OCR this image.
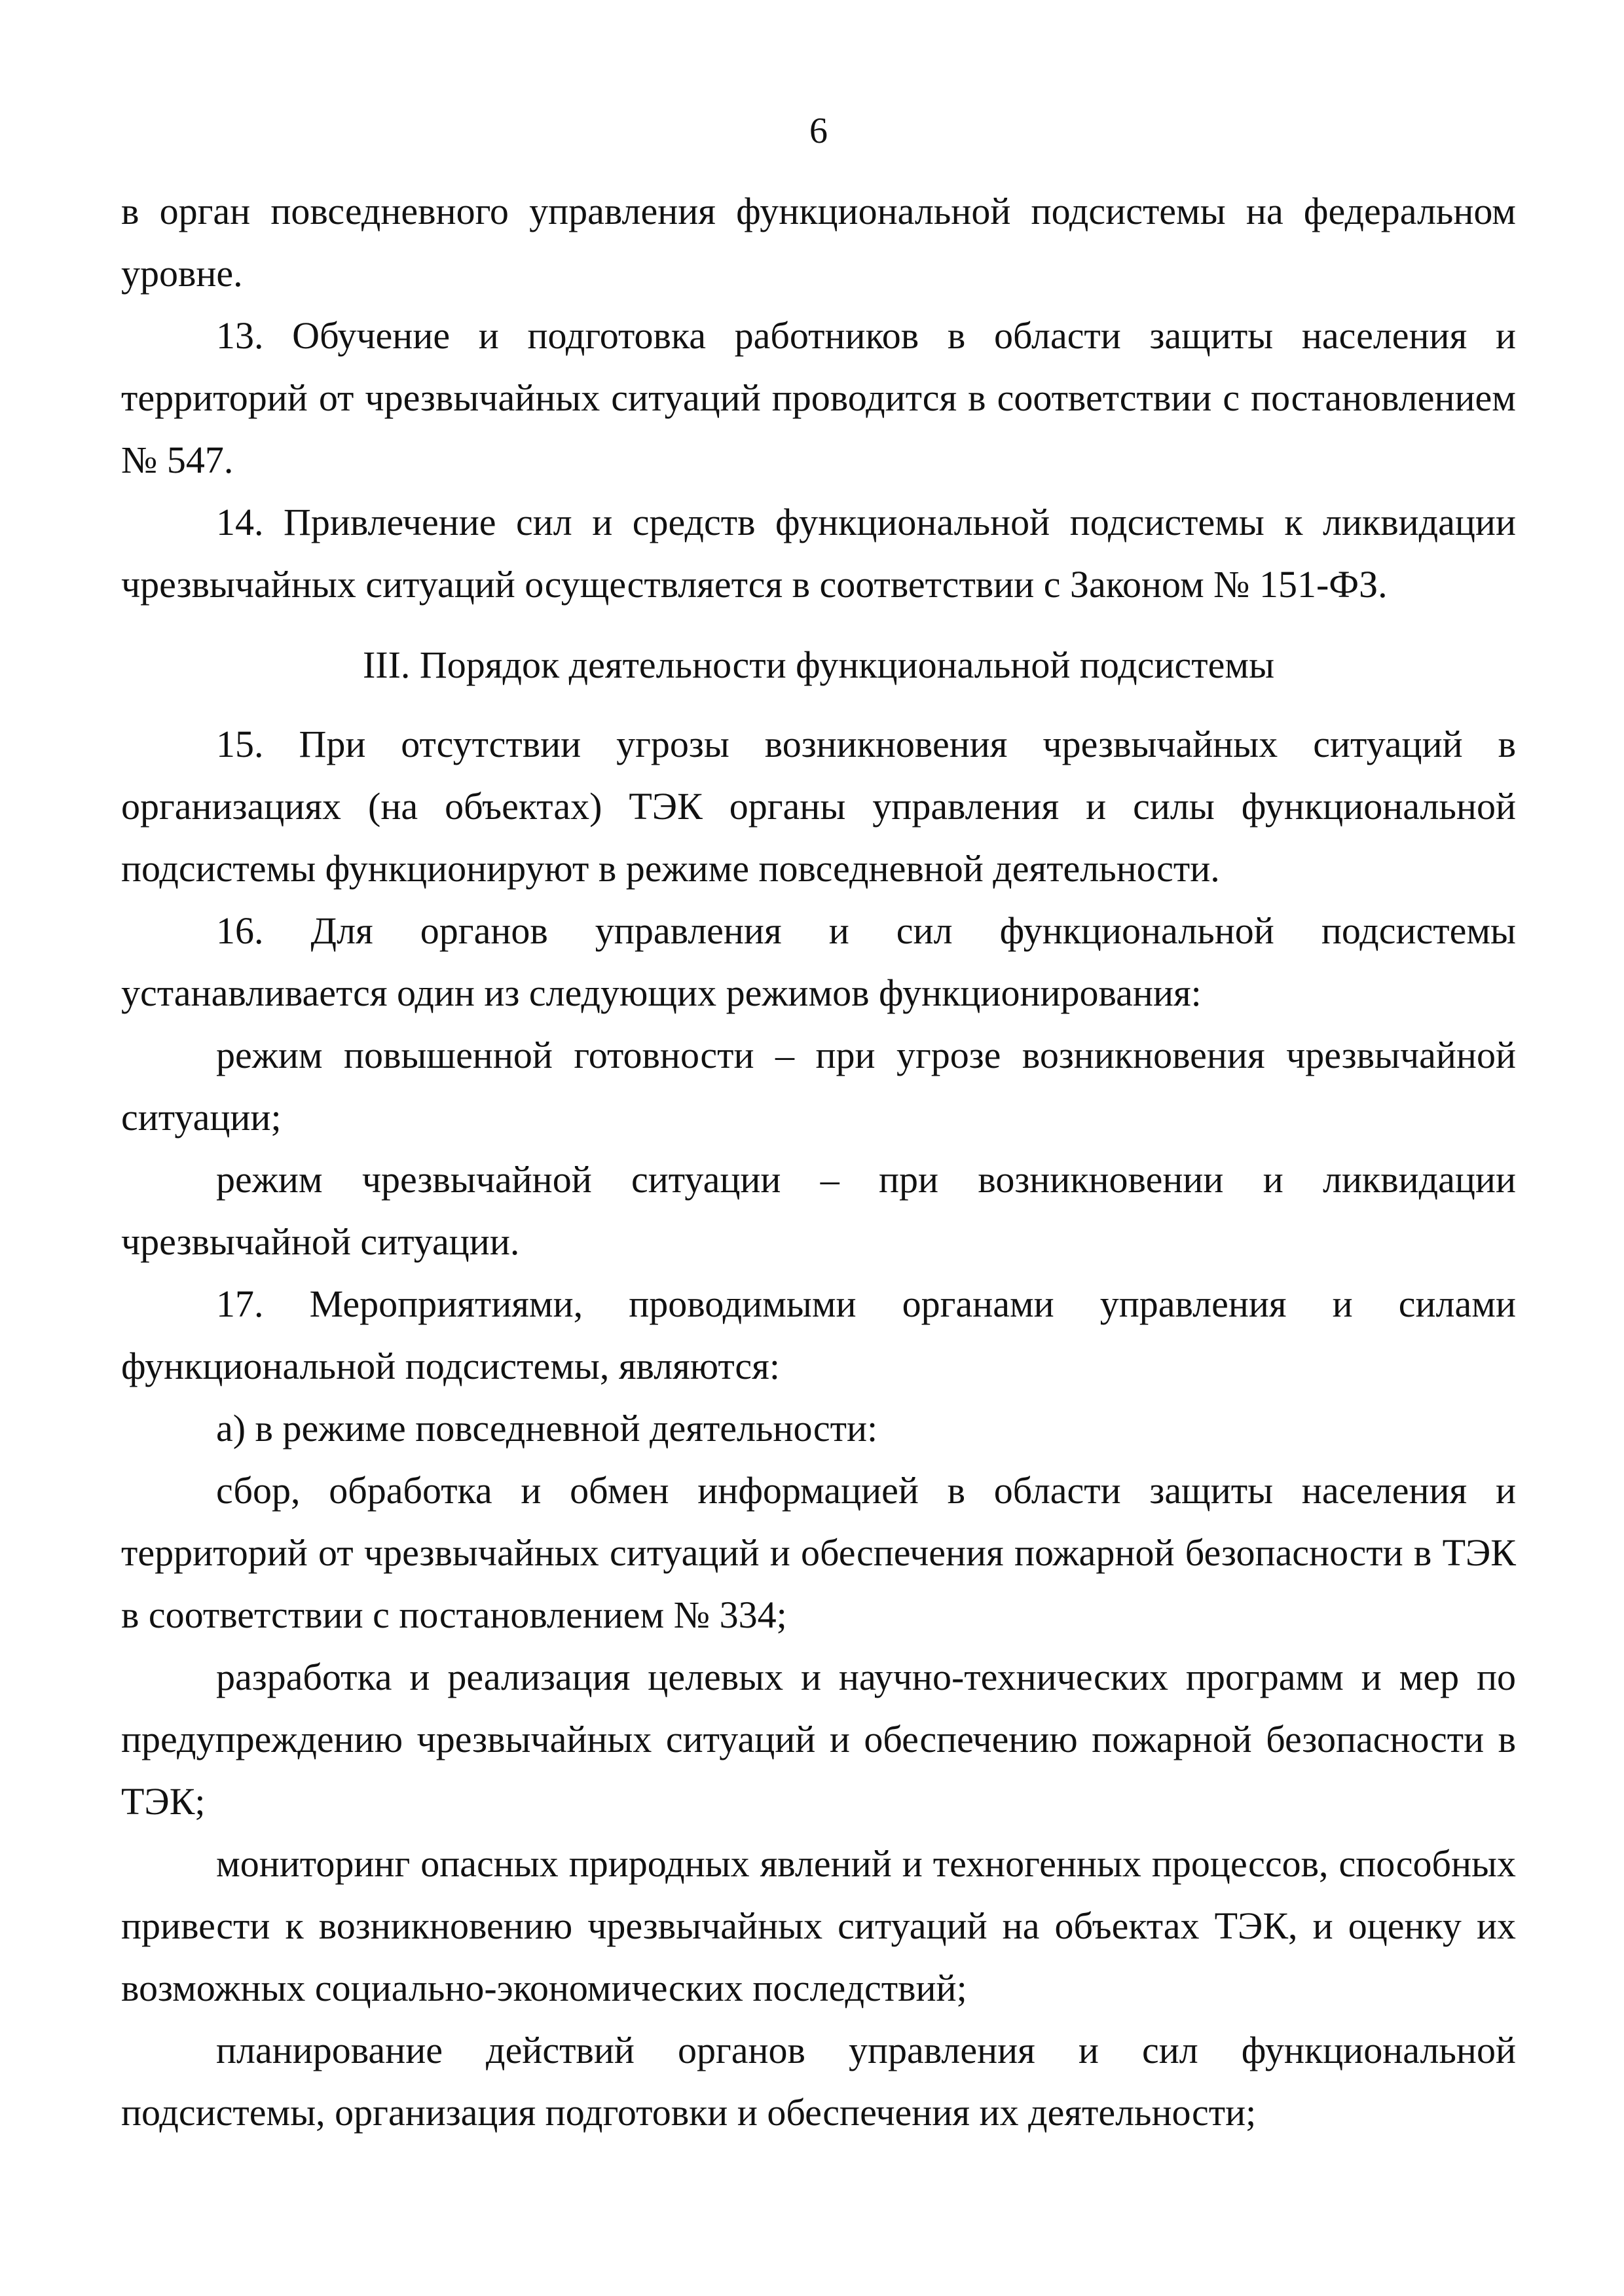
6

в орган повседневного управления функциональной подсистемы на федеральном уровне.

13. Обучение и подготовка работников в области защиты населения и территорий от чрезвычайных ситуаций проводится в соответствии с постановлением № 547.

14. Привлечение сил и средств функциональной подсистемы к ликвидации чрезвычайных ситуаций осуществляется в соответствии с Законом № 151-ФЗ.

III. Порядок деятельности функциональной подсистемы

15. При отсутствии угрозы возникновения чрезвычайных ситуаций в организациях (на объектах) ТЭК органы управления и силы функциональной подсистемы функционируют в режиме повседневной деятельности.

16. Для органов управления и сил функциональной подсистемы устанавливается один из следующих режимов функционирования:

режим повышенной готовности – при угрозе возникновения чрезвычайной ситуации;

режим чрезвычайной ситуации – при возникновении и ликвидации чрезвычайной ситуации.

17. Мероприятиями, проводимыми органами управления и силами функциональной подсистемы, являются:

а) в режиме повседневной деятельности:

сбор, обработка и обмен информацией в области защиты населения и территорий от чрезвычайных ситуаций и обеспечения пожарной безопасности в ТЭК в соответствии с постановлением № 334;

разработка и реализация целевых и научно-технических программ и мер по предупреждению чрезвычайных ситуаций и обеспечению пожарной безопасности в ТЭК;

мониторинг опасных природных явлений и техногенных процессов, способных привести к возникновению чрезвычайных ситуаций на объектах ТЭК, и оценку их возможных социально-экономических последствий;

планирование действий органов управления и сил функциональной подсистемы, организация подготовки и обеспечения их деятельности;
